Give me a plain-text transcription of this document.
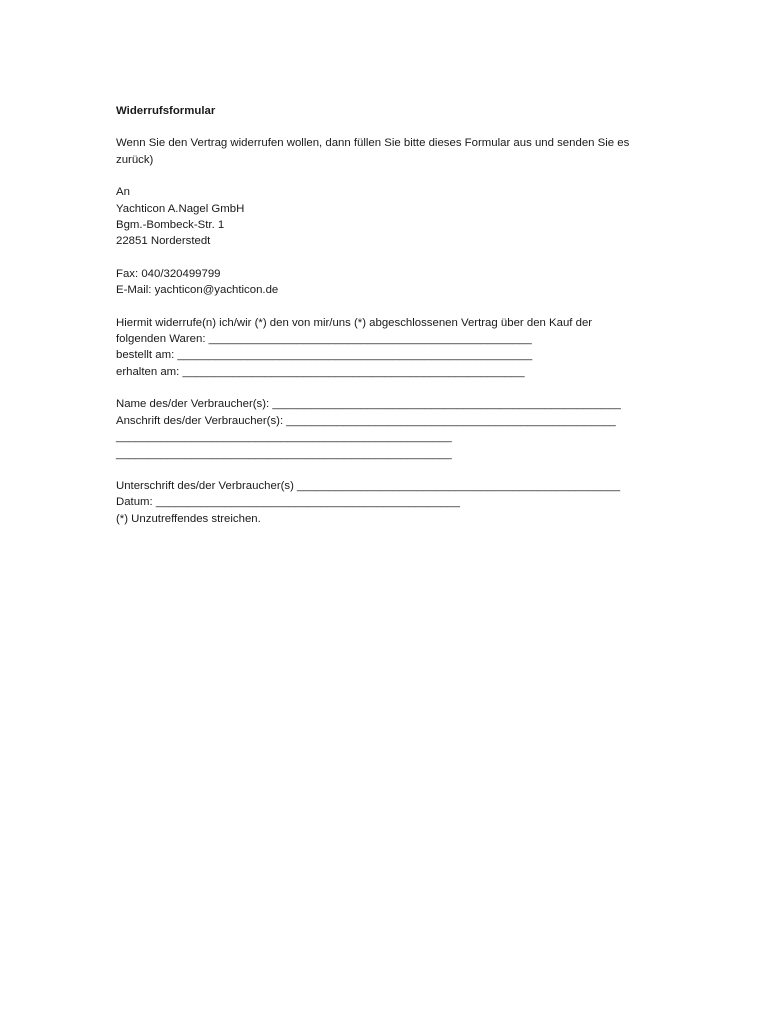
Widerrufsformular

Wenn Sie den Vertrag widerrufen wollen, dann füllen Sie bitte dieses Formular aus und senden Sie es zurück)

An
Yachticon A.Nagel GmbH
Bgm.-Bombeck-Str. 1
22851 Norderstedt
Fax: 040/320499799
E-Mail: yachticon@yachticon.de
Hiermit widerrufe(n) ich/wir (*) den von mir/uns (*) abgeschlossenen Vertrag über den Kauf der
folgenden Waren: ___________________________________________________
bestellt am: ________________________________________________________
erhalten am: ______________________________________________________
Name des/der Verbraucher(s): _______________________________________________________
Anschrift des/der Verbraucher(s): ____________________________________________________
_____________________________________________________
_____________________________________________________
Unterschrift des/der Verbraucher(s) ___________________________________________________
Datum: ________________________________________________
(*) Unzutreffendes streichen.
